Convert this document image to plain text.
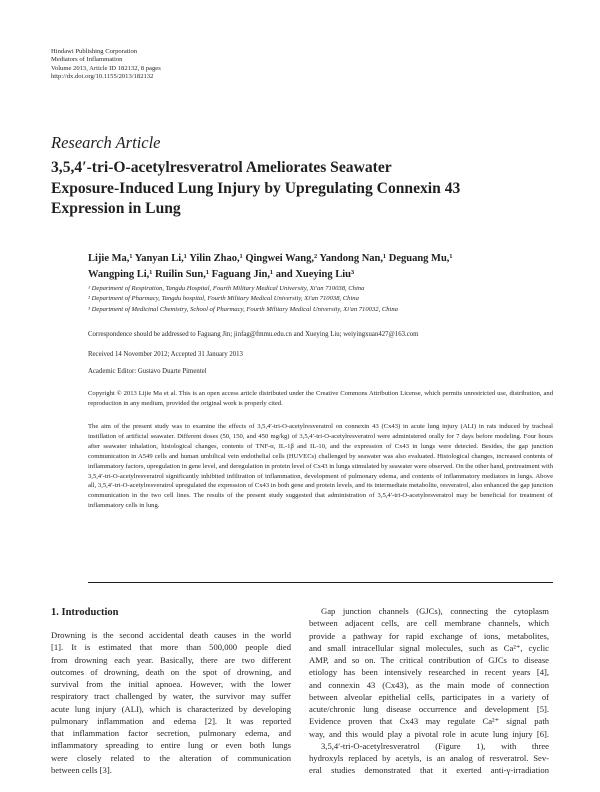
Hindawi Publishing Corporation
Mediators of Inflammation
Volume 2013, Article ID 182132, 8 pages
http://dx.doi.org/10.1155/2013/182132
Research Article
3,5,4′-tri-O-acetylresveratrol Ameliorates Seawater
Exposure-Induced Lung Injury by Upregulating Connexin 43
Expression in Lung
Lijie Ma,¹ Yanyan Li,¹ Yilin Zhao,¹ Qingwei Wang,² Yandong Nan,¹ Deguang Mu,¹
Wangping Li,¹ Ruilin Sun,¹ Faguang Jin,¹ and Xueying Liu³
¹ Department of Respiration, Tangdu Hospital, Fourth Military Medical University, Xi'an 710038, China
² Department of Pharmacy, Tangdu hospital, Fourth Military Medical University, Xi'an 710038, China
³ Department of Medicinal Chemistry, School of Pharmacy, Fourth Military Medical University, Xi'an 710032, China
Correspondence should be addressed to Faguang Jin; jinfag@fmmu.edu.cn and Xueying Liu; weiyingxuan427@163.com
Received 14 November 2012; Accepted 31 January 2013
Academic Editor: Gustavo Duarte Pimentel
Copyright © 2013 Lijie Ma et al. This is an open access article distributed under the Creative Commons Attribution License, which permits unrestricted use, distribution, and reproduction in any medium, provided the original work is properly cited.
The aim of the present study was to examine the effects of 3,5,4′-tri-O-acetylresveratrol on connexin 43 (Cx43) in acute lung injury (ALI) in rats induced by tracheal instillation of artificial seawater. Different doses (50, 150, and 450 mg/kg) of 3,5,4′-tri-O-acetylresveratrol were administered orally for 7 days before modeling. Four hours after seawater inhalation, histological changes, contents of TNF-α, IL-1β and IL-10, and the expression of Cx43 in lungs were detected. Besides, the gap junction communication in A549 cells and human umbilical vein endothelial cells (HUVECs) challenged by seawater was also evaluated. Histological changes, increased contents of inflammatory factors, upregulation in gene level, and deregulation in protein level of Cx43 in lungs stimulated by seawater were observed. On the other hand, pretreatment with 3,5,4′-tri-O-acetylresveratrol significantly inhibited infiltration of inflammation, development of pulmonary edema, and contents of inflammatory mediators in lungs. Above all, 3,5,4′-tri-O-acetylresveratrol upregulated the expression of Cx43 in both gene and protein levels, and its intermediate metabolite, resveratrol, also enhanced the gap junction communication in the two cell lines. The results of the present study suggested that administration of 3,5,4′-tri-O-acetylresveratrol may be beneficial for treatment of inflammatory cells in lung.
1. Introduction
Drowning is the second accidental death causes in the world
[1]. It is estimated that more than 500,000 people died
from drowning each year. Basically, there are two different
outcomes of drowning, death on the spot of drowning, and
survival from the initial apnoea. However, with the lower
respiratory tract challenged by water, the survivor may suffer
acute lung injury (ALI), which is characterized by developing
pulmonary inflammation and edema [2]. It was reported
that inflammation factor secretion, pulmonary edema, and
inflammatory spreading to entire lung or even both lungs
were closely related to the alteration of communication
between cells [3].
Gap junction channels (GJCs), connecting the cytoplasm
between adjacent cells, are cell membrane channels, which
provide a pathway for rapid exchange of ions, metabolites,
and small intracellular signal molecules, such as Ca²⁺, cyclic
AMP, and so on. The critical contribution of GJCs to disease
etiology has been intensively researched in recent years [4],
and connexin 43 (Cx43), as the main mode of connection
between alveolar epithelial cells, participates in a variety of
acute/chronic lung disease occurrence and development [5].
Evidence proven that Cx43 may regulate Ca²⁺ signal path
way, and this would play a pivotal role in acute lung injury [6].
3,5,4′-tri-O-acetylresveratrol (Figure 1), with three
hydroxyls replaced by acetyls, is an analog of resveratrol. Sev-
eral studies demonstrated that it exerted anti-γ-irradiation
